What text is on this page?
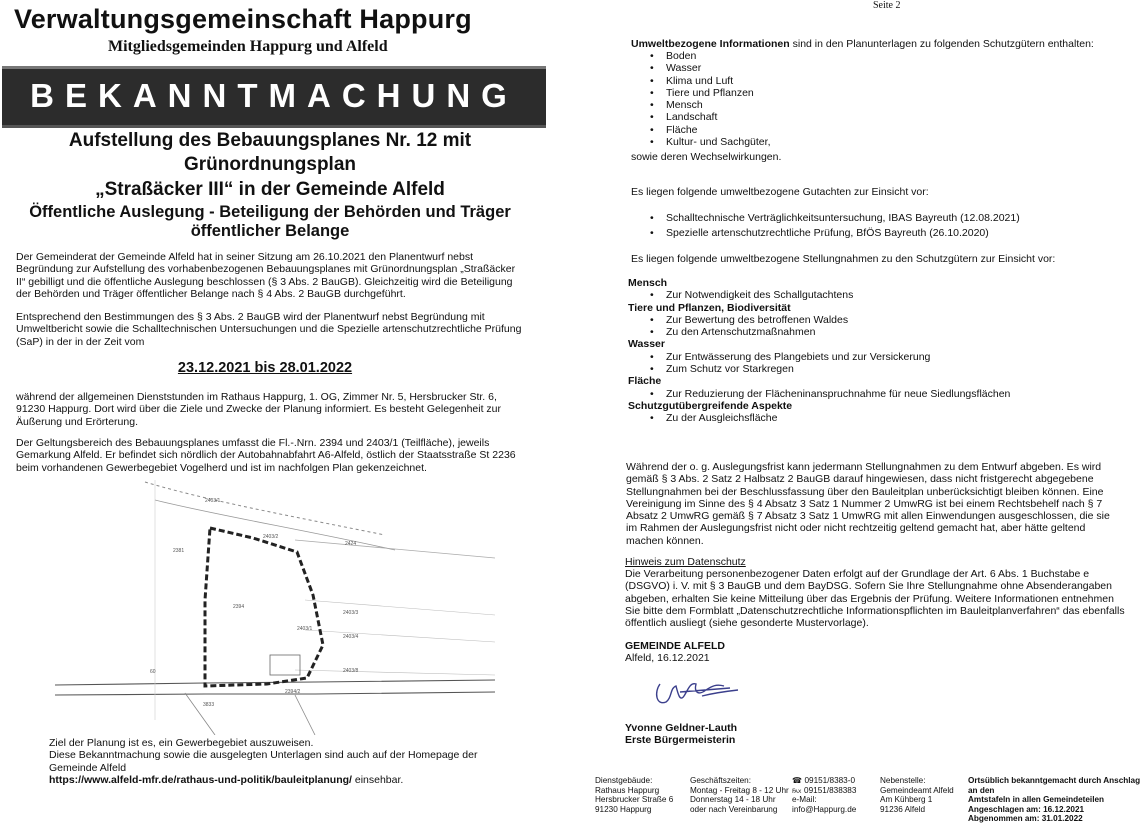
Verwaltungsgemeinschaft Happurg
Mitgliedsgemeinden Happurg und Alfeld
BEKANNTMACHUNG
Aufstellung des Bebauungsplanes Nr. 12 mit
Grünordnungsplan
„Straßäcker III“ in der Gemeinde Alfeld
Öffentliche Auslegung - Beteiligung der Behörden und Träger
öffentlicher Belange
Der Gemeinderat der Gemeinde Alfeld hat in seiner Sitzung am 26.10.2021 den Planentwurf nebst Begründung zur Aufstellung des vorhabenbezogenen Bebauungsplanes mit Grünordnungsplan „Straßäcker II“ gebilligt und die öffentliche Auslegung beschlossen (§ 3 Abs. 2 BauGB). Gleichzeitig wird die Beteiligung der Behörden und Träger öffentlicher Belange nach § 4 Abs. 2 BauGB durchgeführt.
Entsprechend den Bestimmungen des § 3 Abs. 2 BauGB wird der Planentwurf nebst Begründung mit Umweltbericht sowie die Schalltechnischen Untersuchungen und die Spezielle artenschutzrechtliche Prüfung (SaP) in der in der Zeit vom
23.12.2021 bis 28.01.2022
während der allgemeinen Dienststunden im Rathaus Happurg, 1. OG, Zimmer Nr. 5, Hersbrucker Str. 6, 91230 Happurg. Dort wird über die Ziele und Zwecke der Planung informiert. Es besteht Gelegenheit zur Äußerung und Erörterung.
Der Geltungsbereich des Bebauungsplanes umfasst die Fl.-.Nrn. 2394 und 2403/1 (Teilfläche), jeweils Gemarkung Alfeld. Er befindet sich nördlich der Autobahnabfahrt A6-Alfeld, östlich der Staatsstraße St 2236 beim vorhandenen Gewerbegebiet Vogelherd und ist im nachfolgen Plan gekenzeichnet.
2403/1
2424
2403/2
2381
2394
2403/1
2403/3
2403/4
2403/8
2394/2
60
3833
Ziel der Planung ist es, ein Gewerbegebiet auszuweisen.
Diese Bekanntmachung sowie die ausgelegten Unterlagen sind auch auf der Homepage der Gemeinde Alfeld
https://www.alfeld-mfr.de/rathaus-und-politik/bauleitplanung/ einsehbar.
Seite 2
Umweltbezogene Informationen sind in den Planunterlagen zu folgenden Schutzgütern enthalten:
• Boden
• Wasser
• Klima und Luft
• Tiere und Pflanzen
• Mensch
• Landschaft
• Fläche
• Kultur- und Sachgüter,
sowie deren Wechselwirkungen.
Es liegen folgende umweltbezogene Gutachten zur Einsicht vor:
• Schalltechnische Verträglichkeitsuntersuchung, IBAS Bayreuth (12.08.2021)
• Spezielle artenschutzrechtliche Prüfung, BfÖS Bayreuth (26.10.2020)
Es liegen folgende umweltbezogene Stellungnahmen zu den Schutzgütern zur Einsicht vor:
Mensch
• Zur Notwendigkeit des Schallgutachtens
Tiere und Pflanzen, Biodiversität
• Zur Bewertung des betroffenen Waldes
• Zu den Artenschutzmaßnahmen
Wasser
• Zur Entwässerung des Plangebiets und zur Versickerung
• Zum Schutz vor Starkregen
Fläche
• Zur Reduzierung der Flächeninanspruchnahme für neue Siedlungsflächen
Schutzgutübergreifende Aspekte
• Zu der Ausgleichsfläche
Während der o. g. Auslegungsfrist kann jedermann Stellungnahmen zu dem Entwurf abgeben. Es wird gemäß § 3 Abs. 2 Satz 2 Halbsatz 2 BauGB darauf hingewiesen, dass nicht fristgerecht abgegebene Stellungnahmen bei der Beschlussfassung über den Bauleitplan unberücksichtigt bleiben können. Eine Vereinigung im Sinne des § 4 Absatz 3 Satz 1 Nummer 2 UmwRG ist bei einem Rechtsbehelf nach § 7 Absatz 2 UmwRG gemäß § 7 Absatz 3 Satz 1 UmwRG mit allen Einwendungen ausgeschlossen, die sie im Rahmen der Auslegungsfrist nicht oder nicht rechtzeitig geltend gemacht hat, aber hätte geltend machen können.
Hinweis zum Datenschutz
Die Verarbeitung personenbezogener Daten erfolgt auf der Grundlage der Art. 6 Abs. 1 Buchstabe e (DSGVO) i. V. mit § 3 BauGB und dem BayDSG. Sofern Sie Ihre Stellungnahme ohne Absenderangaben abgeben, erhalten Sie keine Mitteilung über das Ergebnis der Prüfung. Weitere Informationen entnehmen Sie bitte dem Formblatt „Datenschutzrechtliche Informationspflichten im Bauleitplanverfahren“ das ebenfalls öffentlich ausliegt (siehe gesonderte Mustervorlage).
GEMEINDE ALFELD
Alfeld, 16.12.2021
Yvonne Geldner-Lauth
Erste Bürgermeisterin
Dienstgebäude:
Rathaus Happurg
Hersbrucker Straße 6
91230 Happurg
Geschäftszeiten:
Montag - Freitag 8 - 12 Uhr
Donnerstag 14 - 18 Uhr
oder nach Vereinbarung
☎ 09151/8383-0
℻ 09151/838383
e-Mail:
info@Happurg.de
Nebenstelle:
Gemeindeamt Alfeld
Am Kühberg 1
91236 Alfeld
Ortsüblich bekanntgemacht durch Anschlag an den
Amtstafeln in allen Gemeindeteilen
Angeschlagen am: 16.12.2021
Abgenommen am: 31.01.2022
